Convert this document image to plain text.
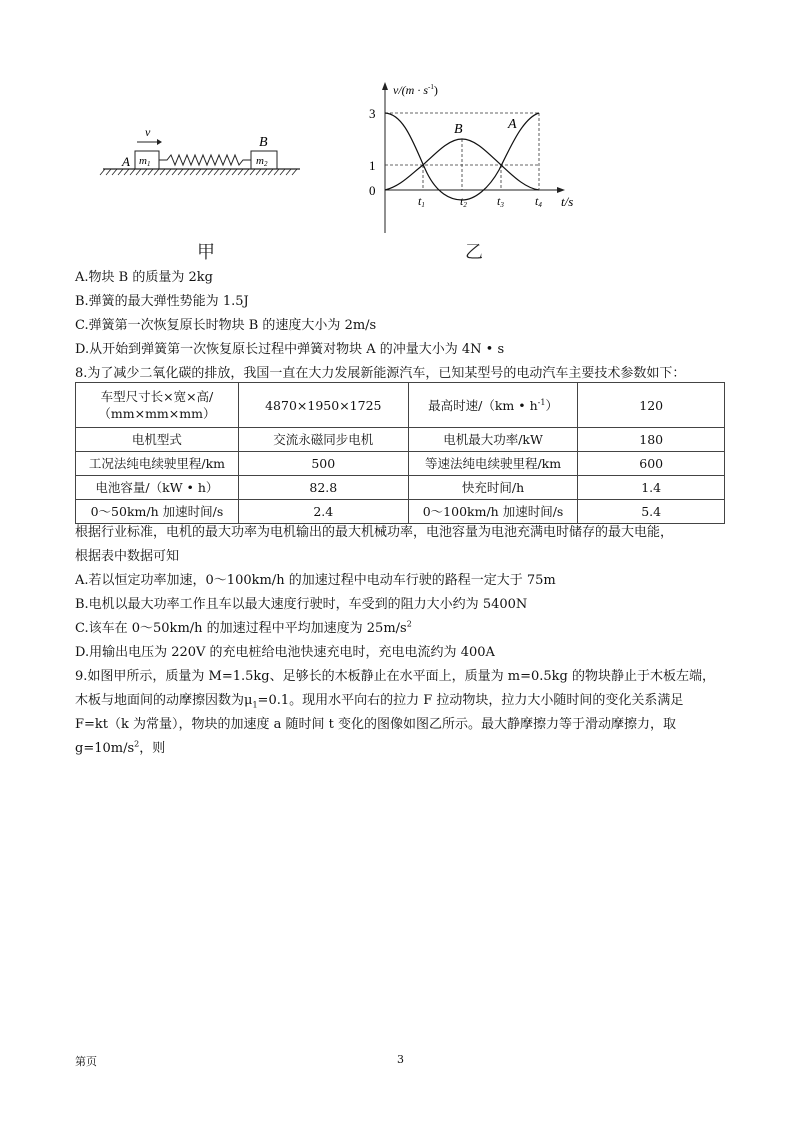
v
A m1
B
m2
甲
$v/(m \cdot s^{-1})$
t/s
3
1
0
t1	t2	t3	t4
B	A
乙
A.物块 B 的质量为 2kg
B.弹簧的最大弹性势能为 1.5J
C.弹簧第一次恢复原长时物块 B 的速度大小为 2m/s
D.从开始到弹簧第一次恢复原长过程中弹簧对物块 A 的冲量大小为 4N • s
8.为了减少二氧化碳的排放，我国一直在大力发展新能源汽车，已知某型号的电动汽车主要技术参数如下：
车型尺寸长×宽×高/
（mm×mm×mm）	4870×1950×1725	最高时速/（km • $h^{-1}$）	120
电机型式	交流永磁同步电机	电机最大功率/kW	180
工况法纯电续驶里程/km	500	等速法纯电续驶里程/km	600
电池容量/（kW • h）	82.8	快充时间/h	1.4
0～50km/h 加速时间/s	2.4	0～100km/h 加速时间/s	5.4
根据行业标准，电机的最大功率为电机输出的最大机械功率，电池容量为电池充满电时储存的最大电能，
根据表中数据可知
A.若以恒定功率加速，0～100km/h 的加速过程中电动车行驶的路程一定大于 75m
B.电机以最大功率工作且车以最大速度行驶时，车受到的阻力大小约为 5400N
C.该车在 0～50km/h 的加速过程中平均加速度为 $25m/s^2$
D.用输出电压为 220V 的充电桩给电池快速充电时，充电电流约为 400A
9.如图甲所示，质量为 M=1.5kg、足够长的木板静止在水平面上，质量为 m=0.5kg 的物块静止于木板左端，
木板与地面间的动摩擦因数为$\mu_1=0.1$。现用水平向右的拉力 F 拉动物块，拉力大小随时间的变化关系满足
F=kt（k 为常量），物块的加速度 a 随时间 t 变化的图像如图乙所示。最大静摩擦力等于滑动摩擦力，取
$g=10m/s^2$，则
第页	3
